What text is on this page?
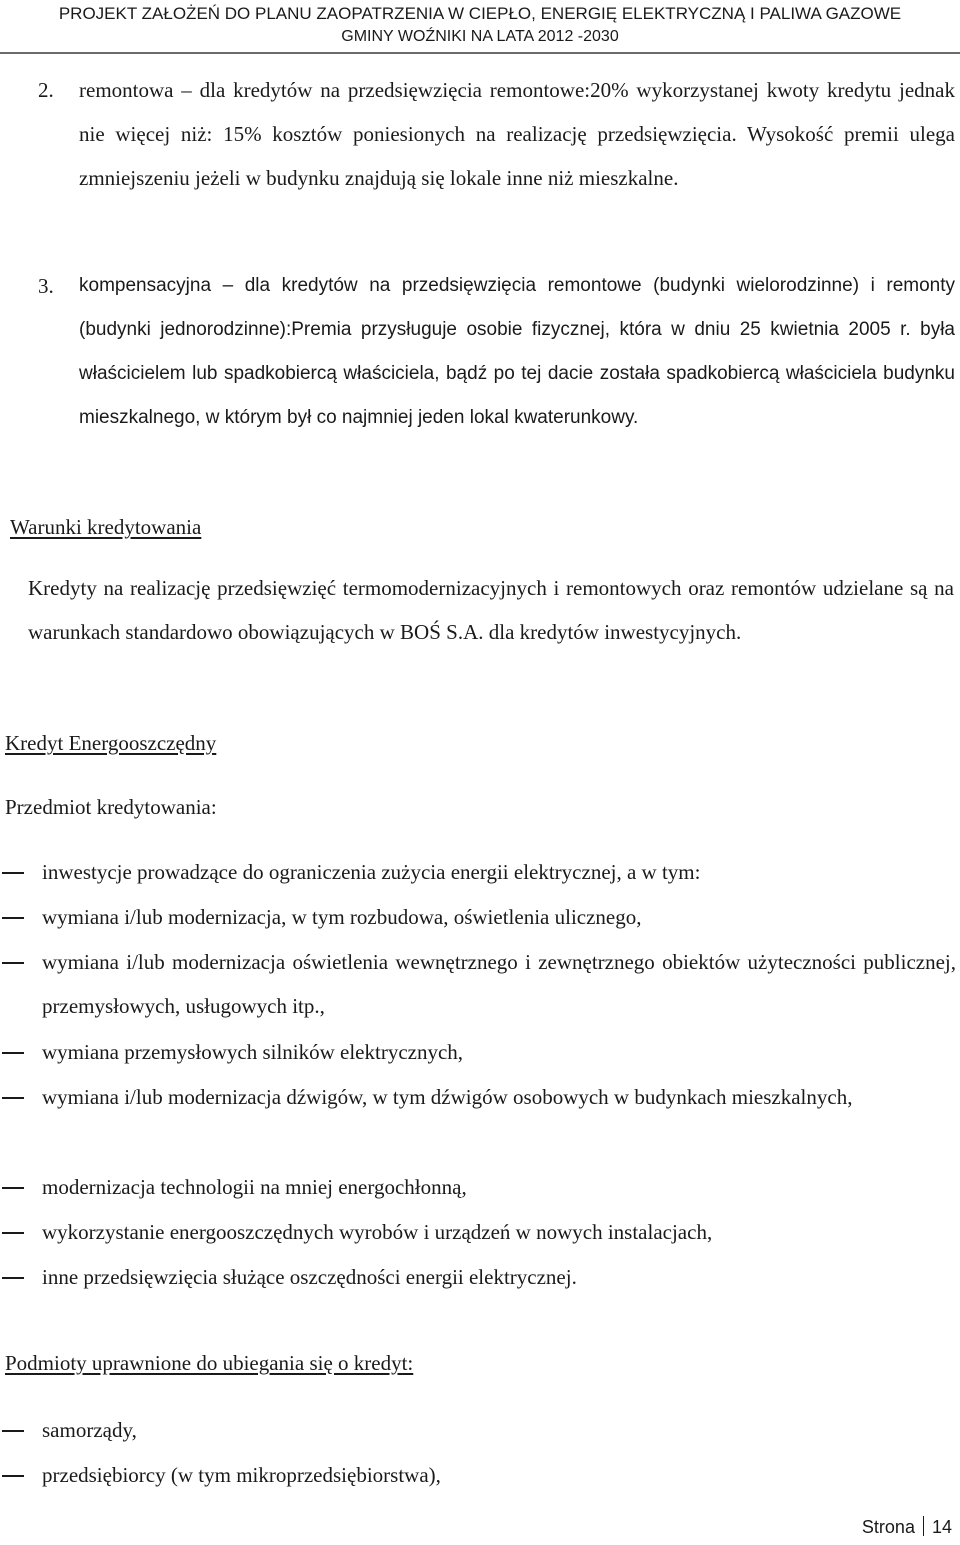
PROJEKT ZAŁOŻEŃ DO PLANU ZAOPATRZENIA W CIEPŁO, ENERGIĘ ELEKTRYCZNĄ I PALIWA GAZOWE
GMINY WOŹNIKI NA LATA 2012 -2030
2. remontowa – dla kredytów na przedsięwzięcia remontowe:20% wykorzystanej kwoty kredytu jednak nie więcej niż: 15% kosztów poniesionych na realizację przedsięwzięcia. Wysokość premii ulega zmniejszeniu jeżeli w budynku znajdują się lokale inne niż mieszkalne.
3. kompensacyjna – dla kredytów na przedsięwzięcia remontowe (budynki wielorodzinne) i remonty (budynki jednorodzinne):Premia przysługuje osobie fizycznej, która w dniu 25 kwietnia 2005 r. była właścicielem lub spadkobiercą właściciela, bądź po tej dacie została spadkobiercą właściciela budynku mieszkalnego, w którym był co najmniej jeden lokal kwaterunkowy.
Warunki kredytowania
Kredyty na realizację przedsięwzięć termomodernizacyjnych i remontowych oraz remontów udzielane są na warunkach standardowo obowiązujących w BOŚ S.A. dla kredytów inwestycyjnych.
Kredyt Energooszczędny
Przedmiot kredytowania:
inwestycje prowadzące do ograniczenia zużycia energii elektrycznej, a w tym:
wymiana i/lub modernizacja, w tym rozbudowa, oświetlenia ulicznego,
wymiana i/lub modernizacja oświetlenia wewnętrznego i zewnętrznego obiektów użyteczności publicznej, przemysłowych, usługowych itp.,
wymiana przemysłowych silników elektrycznych,
wymiana i/lub modernizacja dźwigów, w tym dźwigów osobowych w budynkach mieszkalnych,
modernizacja technologii na mniej energochłonną,
wykorzystanie energooszczędnych wyrobów i urządzeń w nowych instalacjach,
inne przedsięwzięcia służące oszczędności energii elektrycznej.
Podmioty uprawnione do ubiegania się o kredyt:
samorządy,
przedsiębiorcy (w tym mikroprzedsiębiorstwa),
Strona 14
